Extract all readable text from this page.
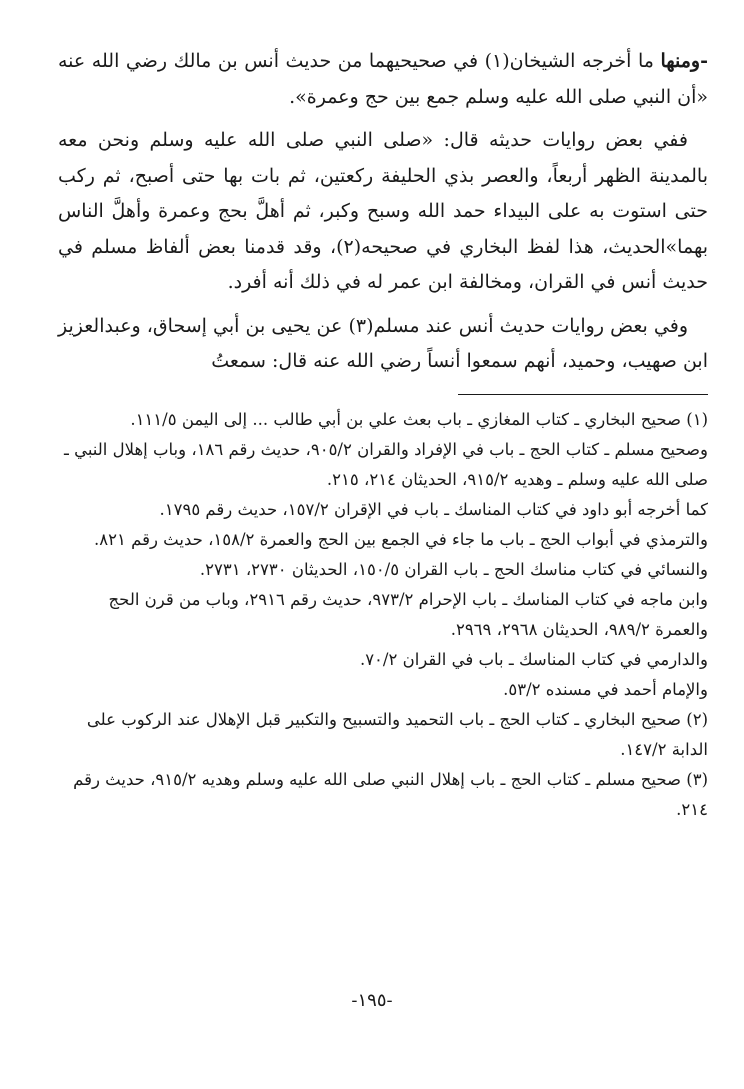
-ومنها ما أخرجه الشيخان(١) في صحيحيهما من حديث أنس بن مالك رضي الله عنه «أن النبي صلى الله عليه وسلم جمع بين حج وعمرة».

ففي بعض روايات حديثه قال: «صلى النبي صلى الله عليه وسلم ونحن معه بالمدينة الظهر أربعاً، والعصر بذي الحليفة ركعتين، ثم بات بها حتى أصبح، ثم ركب حتى استوت به على البيداء حمد الله وسبح وكبر، ثم أهلَّ بحج وعمرة وأهلَّ الناس بهما»الحديث، هذا لفظ البخاري في صحيحه(٢)، وقد قدمنا بعض ألفاظ مسلم في حديث أنس في القران، ومخالفة ابن عمر له في ذلك أنه أفرد.

وفي بعض روايات حديث أنس عند مسلم(٣) عن يحيى بن أبي إسحاق، وعبدالعزيز ابن صهيب، وحميد، أنهم سمعوا أنساً رضي الله عنه قال: سمعتُ

(١) صحيح البخاري ـ كتاب المغازي ـ باب بعث علي بن أبي طالب ... إلى اليمن ١١١/٥.

وصحيح مسلم ـ كتاب الحج ـ باب في الإفراد والقران ٩٠٥/٢، حديث رقم ١٨٦، وباب إهلال النبي ـ صلى الله عليه وسلم ـ وهديه ٩١٥/٢، الحديثان ٢١٤، ٢١٥.

كما أخرجه أبو داود في كتاب المناسك ـ باب في الإقران ١٥٧/٢، حديث رقم ١٧٩٥.

والترمذي في أبواب الحج ـ باب ما جاء في الجمع بين الحج والعمرة ١٥٨/٢، حديث رقم ٨٢١.

والنسائي في كتاب مناسك الحج ـ باب القران ١٥٠/٥، الحديثان ٢٧٣٠، ٢٧٣١.

وابن ماجه في كتاب المناسك ـ باب الإحرام ٩٧٣/٢، حديث رقم ٢٩١٦، وباب من قرن الحج والعمرة ٩٨٩/٢، الحديثان ٢٩٦٨، ٢٩٦٩.

والدارمي في كتاب المناسك ـ باب في القران ٧٠/٢.

والإمام أحمد في مسنده ٥٣/٢.

(٢) صحيح البخاري ـ كتاب الحج ـ باب التحميد والتسبيح والتكبير قبل الإهلال عند الركوب على الدابة ١٤٧/٢.

(٣) صحيح مسلم ـ كتاب الحج ـ باب إهلال النبي صلى الله عليه وسلم وهديه ٩١٥/٢، حديث رقم ٢١٤.

-١٩٥-
